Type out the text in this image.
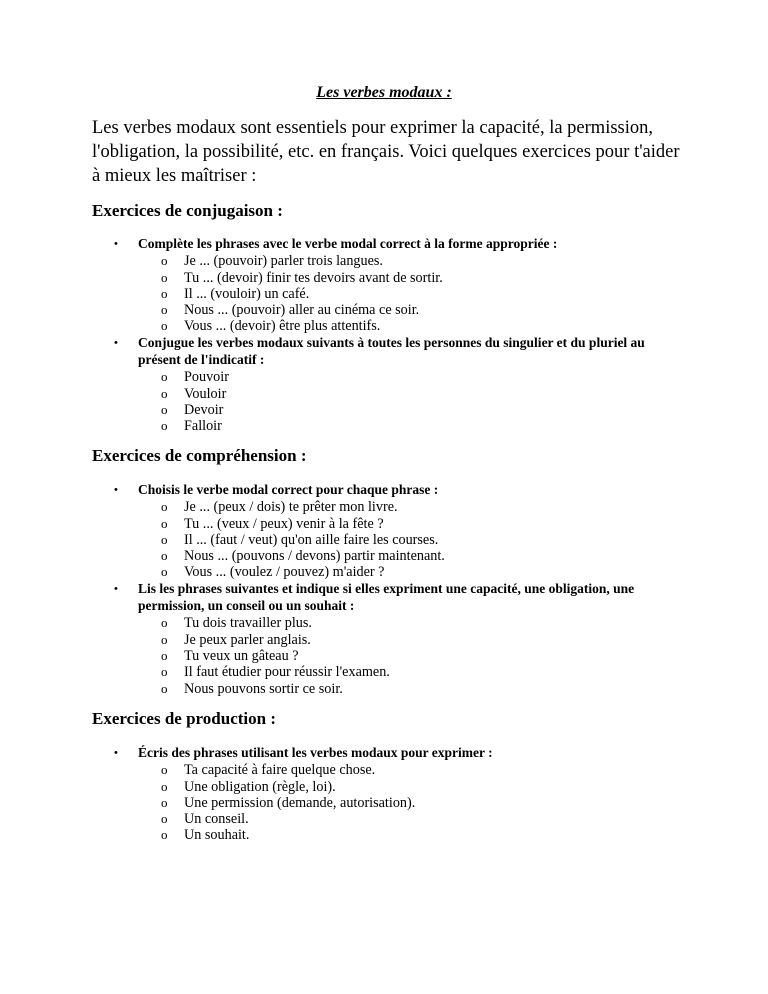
Les verbes modaux :

Les verbes modaux sont essentiels pour exprimer la capacité, la permission, l'obligation, la possibilité, etc. en français. Voici quelques exercices pour t'aider à mieux les maîtriser :

Exercices de conjugaison :
• Complète les phrases avec le verbe modal correct à la forme appropriée :
o Je ... (pouvoir) parler trois langues.
o Tu ... (devoir) finir tes devoirs avant de sortir.
o Il ... (vouloir) un café.
o Nous ... (pouvoir) aller au cinéma ce soir.
o Vous ... (devoir) être plus attentifs.
• Conjugue les verbes modaux suivants à toutes les personnes du singulier et du pluriel au présent de l'indicatif :
o Pouvoir
o Vouloir
o Devoir
o Falloir
Exercices de compréhension :
• Choisis le verbe modal correct pour chaque phrase :
o Je ... (peux / dois) te prêter mon livre.
o Tu ... (veux / peux) venir à la fête ?
o Il ... (faut / veut) qu'on aille faire les courses.
o Nous ... (pouvons / devons) partir maintenant.
o Vous ... (voulez / pouvez) m'aider ?
• Lis les phrases suivantes et indique si elles expriment une capacité, une obligation, une permission, un conseil ou un souhait :
o Tu dois travailler plus.
o Je peux parler anglais.
o Tu veux un gâteau ?
o Il faut étudier pour réussir l'examen.
o Nous pouvons sortir ce soir.
Exercices de production :
• Écris des phrases utilisant les verbes modaux pour exprimer :
o Ta capacité à faire quelque chose.
o Une obligation (règle, loi).
o Une permission (demande, autorisation).
o Un conseil.
o Un souhait.
